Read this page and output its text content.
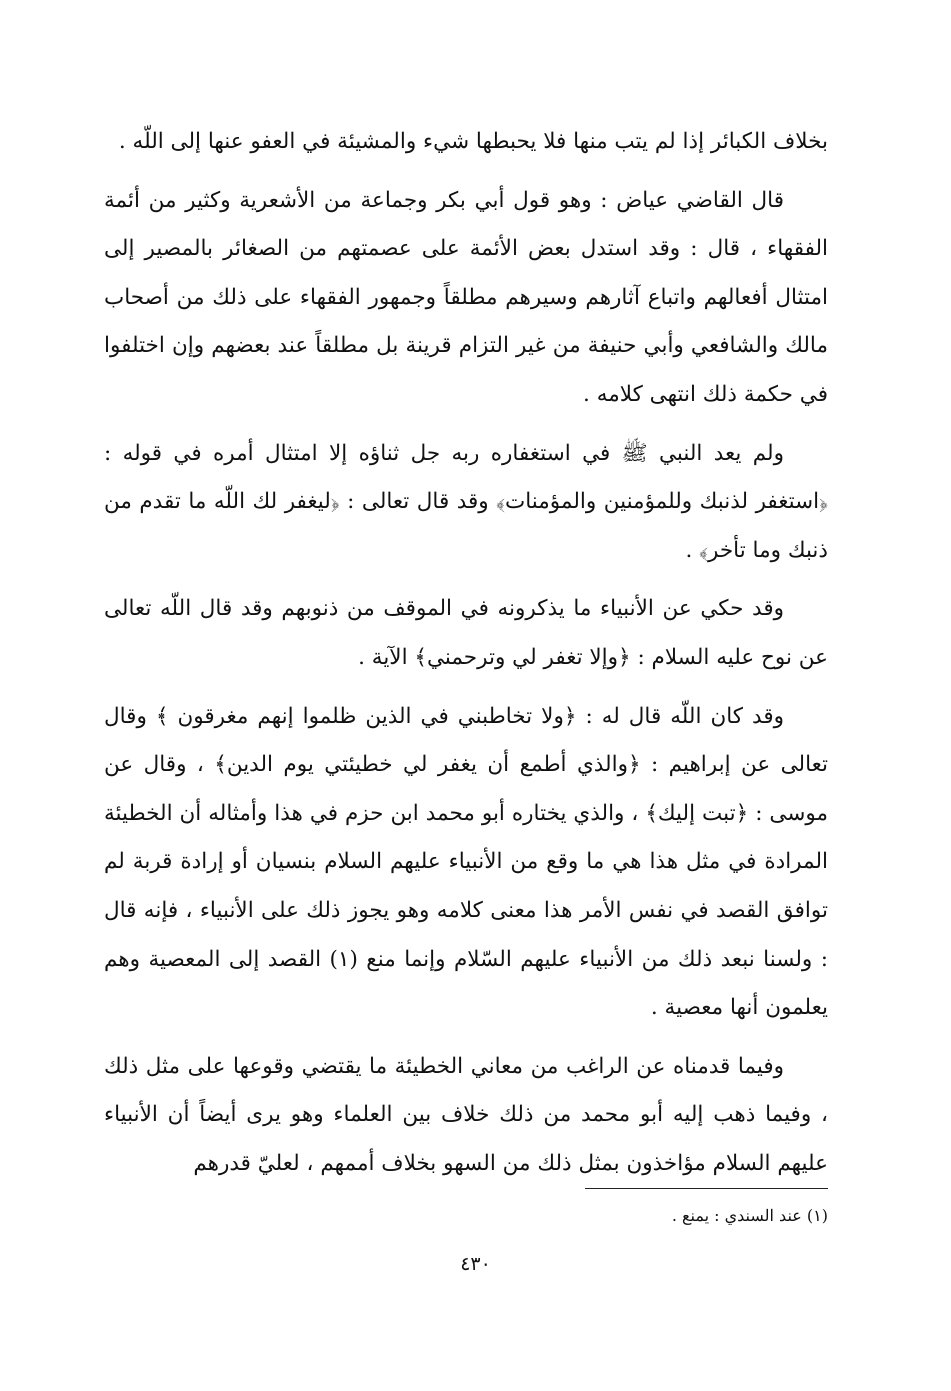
بخلاف الكبائر إذا لم يتب منها فلا يحبطها شيء والمشيئة في العفو عنها إلى اللّه .

قال القاضي عياض : وهو قول أبي بكر وجماعة من الأشعرية وكثير من أئمة الفقهاء ، قال : وقد استدل بعض الأئمة على عصمتهم من الصغائر بالمصير إلى امتثال أفعالهم واتباع آثارهم وسيرهم مطلقاً وجمهور الفقهاء على ذلك من أصحاب مالك والشافعي وأبي حنيفة من غير التزام قرينة بل مطلقاً عند بعضهم وإن اختلفوا في حكمة ذلك انتهى كلامه .

ولم يعد النبي ﷺ في استغفاره ربه جل ثناؤه إلا امتثال أمره في قوله : ﴿استغفر لذنبك وللمؤمنين والمؤمنات﴾ وقد قال تعالى : ﴿ليغفر لك اللّه ما تقدم من ذنبك وما تأخر﴾ .

وقد حكي عن الأنبياء ما يذكرونه في الموقف من ذنوبهم وقد قال اللّه تعالى عن نوح عليه السلام : ﴿وإلا تغفر لي وترحمني﴾ الآية .

وقد كان اللّه قال له : ﴿ولا تخاطبني في الذين ظلموا إنهم مغرقون ﴾ وقال تعالى عن إبراهيم : ﴿والذي أطمع أن يغفر لي خطيئتي يوم الدين﴾ ، وقال عن موسى : ﴿تبت إليك﴾ ، والذي يختاره أبو محمد ابن حزم في هذا وأمثاله أن الخطيئة المرادة في مثل هذا هي ما وقع من الأنبياء عليهم السلام بنسيان أو إرادة قربة لم توافق القصد في نفس الأمر هذا معنى كلامه وهو يجوز ذلك على الأنبياء ، فإنه قال : ولسنا نبعد ذلك من الأنبياء عليهم السّلام وإنما منع (١) القصد إلى المعصية وهم يعلمون أنها معصية .

وفيما قدمناه عن الراغب من معاني الخطيئة ما يقتضي وقوعها على مثل ذلك ، وفيما ذهب إليه أبو محمد من ذلك خلاف بين العلماء وهو يرى أيضاً أن الأنبياء عليهم السلام مؤاخذون بمثل ذلك من السهو بخلاف أممهم ، لعليّ قدرهم

(١) عند السندي : يمنع .
٤٣٠
